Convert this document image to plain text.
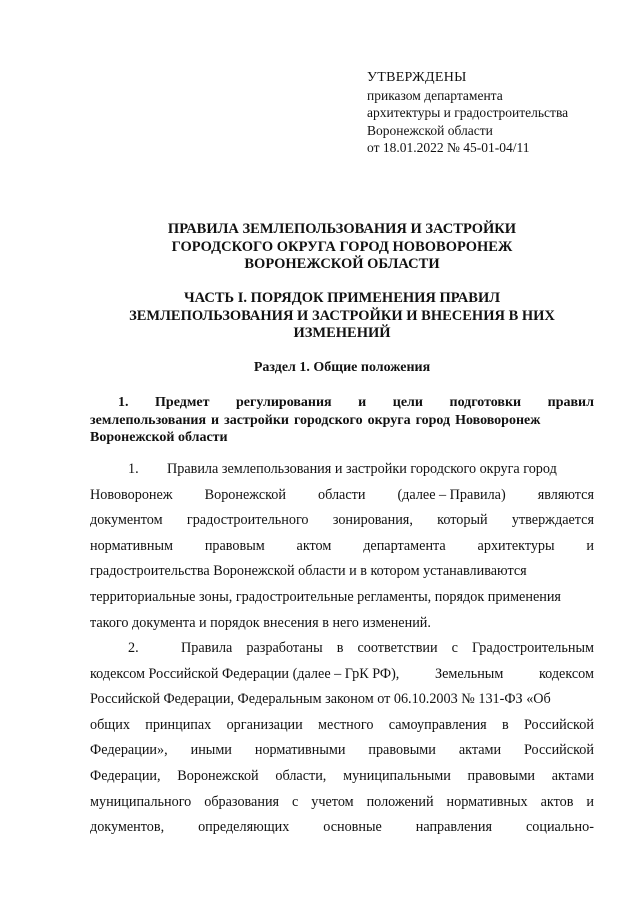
УТВЕРЖДЕНЫ
приказом департамента
архитектуры и градостроительства
Воронежской области
от 18.01.2022 № 45-01-04/11
ПРАВИЛА ЗЕМЛЕПОЛЬЗОВАНИЯ И ЗАСТРОЙКИ
ГОРОДСКОГО ОКРУГА ГОРОД НОВОВОРОНЕЖ
ВОРОНЕЖСКОЙ ОБЛАСТИ
ЧАСТЬ I. ПОРЯДОК ПРИМЕНЕНИЯ ПРАВИЛ
ЗЕМЛЕПОЛЬЗОВАНИЯ И ЗАСТРОЙКИ И ВНЕСЕНИЯ В НИХ
ИЗМЕНЕНИЙ
Раздел 1. Общие положения
1. Предмет регулирования и цели подготовки правил
землепользования и застройки городского округа город Нововоронеж
Воронежской области
1.	Правила землепользования и застройки городского округа город
Нововоронеж Воронежской области (далее – Правила) являются
документом градостроительного зонирования, который утверждается
нормативным правовым актом департамента архитектуры и
градостроительства Воронежской области и в котором устанавливаются
территориальные зоны, градостроительные регламенты, порядок применения
такого документа и порядок внесения в него изменений.
2.	Правила разработаны в соответствии с Градостроительным
кодексом Российской Федерации (далее – ГрК РФ),	Земельным	кодексом
Российской Федерации, Федеральным законом от 06.10.2003 № 131-ФЗ «Об
общих принципах организации местного самоуправления в Российской
Федерации», иными нормативными правовыми актами Российской
Федерации, Воронежской области, муниципальными правовыми актами
муниципального образования с учетом положений нормативных актов и
документов, определяющих основные направления социально-
